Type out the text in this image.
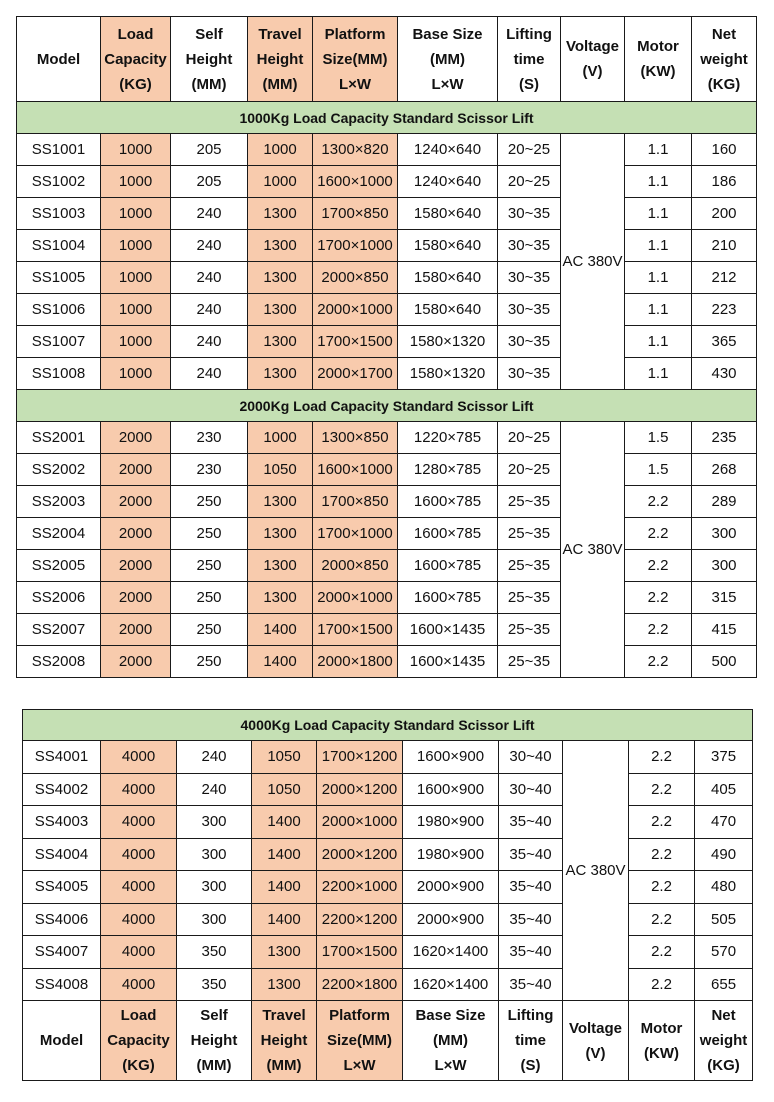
Model	Load
Capacity
(KG)	Self
Height
(MM)	Travel
Height
(MM)	Platform
Size(MM)
L×W	Base Size
(MM)
L×W	Lifting
time
(S)	Voltage
(V)	Motor
(KW)	Net
weight
(KG)
1000Kg Load Capacity Standard Scissor Lift									
SS1001	1000	205	1000	1300×820	1240×640	20~25	AC 380V	1.1	160
SS1002	1000	205	1000	1600×1000	1240×640	20~25		1.1	186
SS1003	1000	240	1300	1700×850	1580×640	30~35		1.1	200
SS1004	1000	240	1300	1700×1000	1580×640	30~35		1.1	210
SS1005	1000	240	1300	2000×850	1580×640	30~35		1.1	212
SS1006	1000	240	1300	2000×1000	1580×640	30~35		1.1	223
SS1007	1000	240	1300	1700×1500	1580×1320	30~35		1.1	365
SS1008	1000	240	1300	2000×1700	1580×1320	30~35		1.1	430
2000Kg Load Capacity Standard Scissor Lift									
SS2001	2000	230	1000	1300×850	1220×785	20~25	AC 380V	1.5	235
SS2002	2000	230	1050	1600×1000	1280×785	20~25		1.5	268
SS2003	2000	250	1300	1700×850	1600×785	25~35		2.2	289
SS2004	2000	250	1300	1700×1000	1600×785	25~35		2.2	300
SS2005	2000	250	1300	2000×850	1600×785	25~35		2.2	300
SS2006	2000	250	1300	2000×1000	1600×785	25~35		2.2	315
SS2007	2000	250	1400	1700×1500	1600×1435	25~35		2.2	415
SS2008	2000	250	1400	2000×1800	1600×1435	25~35		2.2	500
4000Kg Load Capacity Standard Scissor Lift									
SS4001	4000	240	1050	1700×1200	1600×900	30~40	AC 380V	2.2	375
SS4002	4000	240	1050	2000×1200	1600×900	30~40		2.2	405
SS4003	4000	300	1400	2000×1000	1980×900	35~40		2.2	470
SS4004	4000	300	1400	2000×1200	1980×900	35~40		2.2	490
SS4005	4000	300	1400	2200×1000	2000×900	35~40		2.2	480
SS4006	4000	300	1400	2200×1200	2000×900	35~40		2.2	505
SS4007	4000	350	1300	1700×1500	1620×1400	35~40		2.2	570
SS4008	4000	350	1300	2200×1800	1620×1400	35~40		2.2	655
Model	Load
Capacity
(KG)	Self
Height
(MM)	Travel
Height
(MM)	Platform
Size(MM)
L×W	Base Size
(MM)
L×W	Lifting
time
(S)	Voltage
(V)	Motor
(KW)	Net
weight
(KG)
